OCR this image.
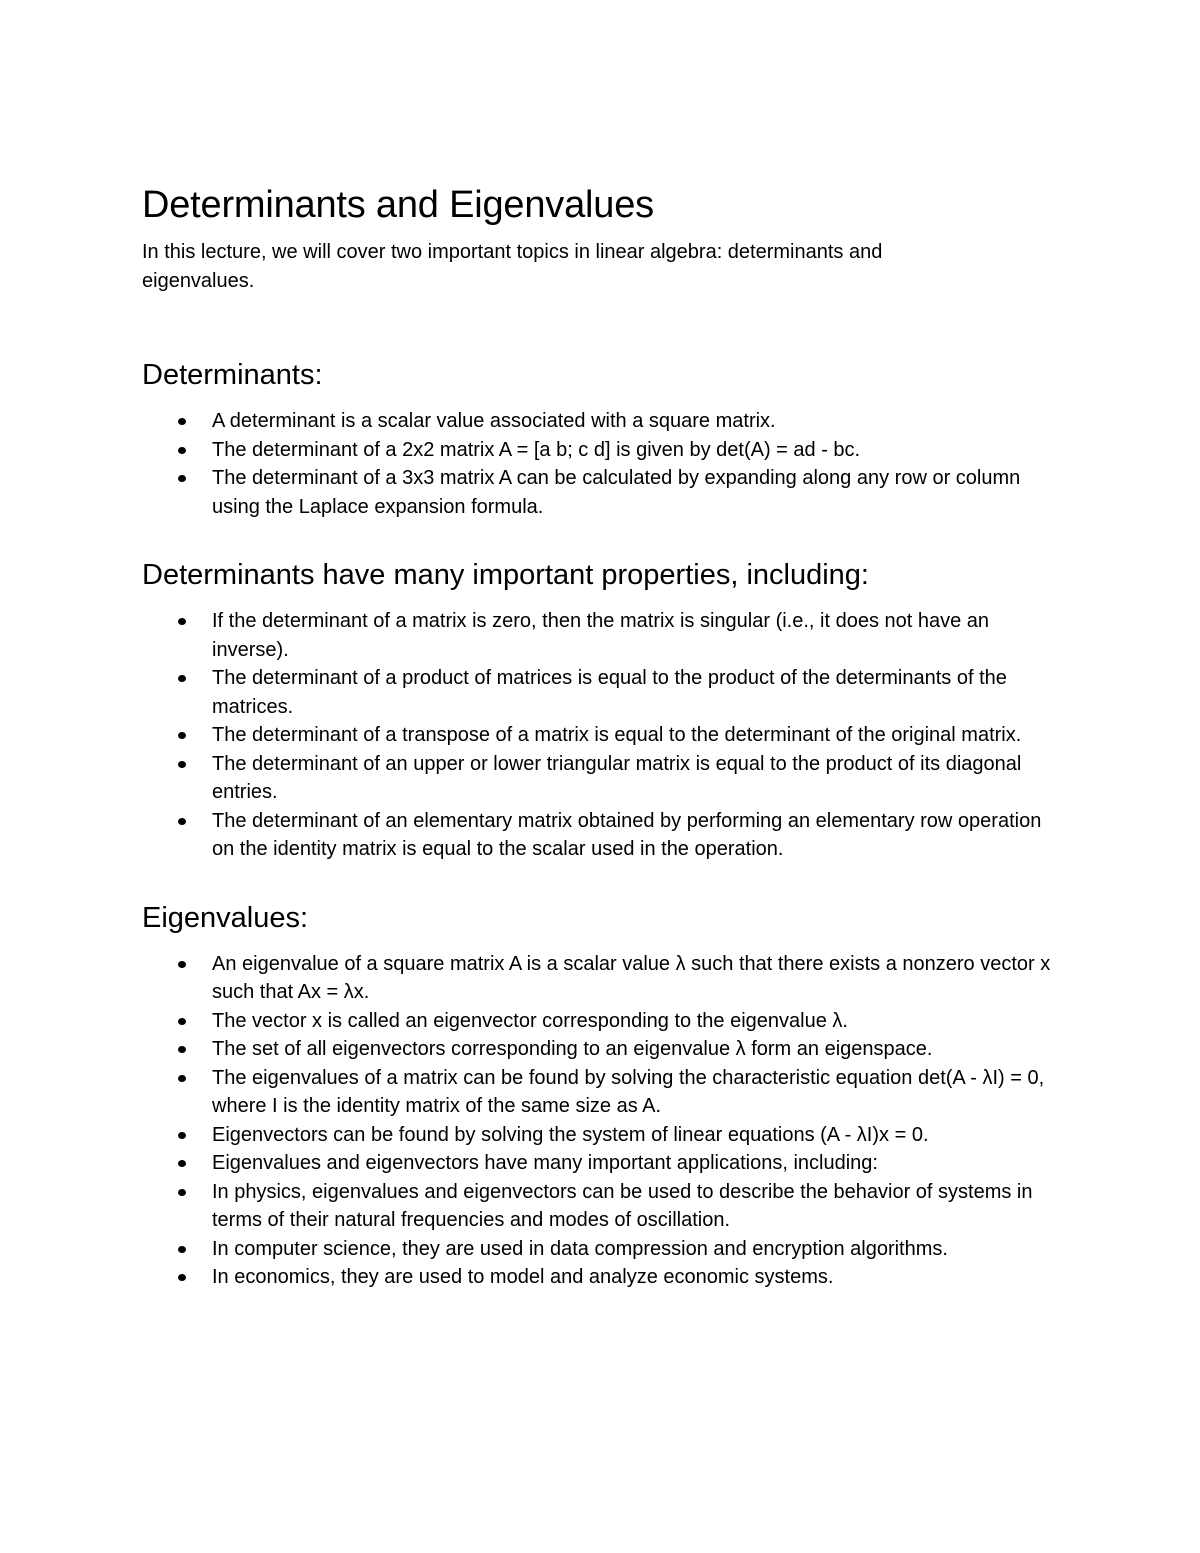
Determinants and Eigenvalues

In this lecture, we will cover two important topics in linear algebra: determinants and eigenvalues.

Determinants:
A determinant is a scalar value associated with a square matrix.
The determinant of a 2x2 matrix A = [a b; c d] is given by det(A) = ad - bc.
The determinant of a 3x3 matrix A can be calculated by expanding along any row or column using the Laplace expansion formula.
Determinants have many important properties, including:
If the determinant of a matrix is zero, then the matrix is singular (i.e., it does not have an inverse).
The determinant of a product of matrices is equal to the product of the determinants of the matrices.
The determinant of a transpose of a matrix is equal to the determinant of the original matrix.
The determinant of an upper or lower triangular matrix is equal to the product of its diagonal entries.
The determinant of an elementary matrix obtained by performing an elementary row operation on the identity matrix is equal to the scalar used in the operation.
Eigenvalues:
An eigenvalue of a square matrix A is a scalar value λ such that there exists a nonzero vector x such that Ax = λx.
The vector x is called an eigenvector corresponding to the eigenvalue λ.
The set of all eigenvectors corresponding to an eigenvalue λ form an eigenspace.
The eigenvalues of a matrix can be found by solving the characteristic equation det(A - λI) = 0, where I is the identity matrix of the same size as A.
Eigenvectors can be found by solving the system of linear equations (A - λI)x = 0.
Eigenvalues and eigenvectors have many important applications, including:
In physics, eigenvalues and eigenvectors can be used to describe the behavior of systems in terms of their natural frequencies and modes of oscillation.
In computer science, they are used in data compression and encryption algorithms.
In economics, they are used to model and analyze economic systems.
